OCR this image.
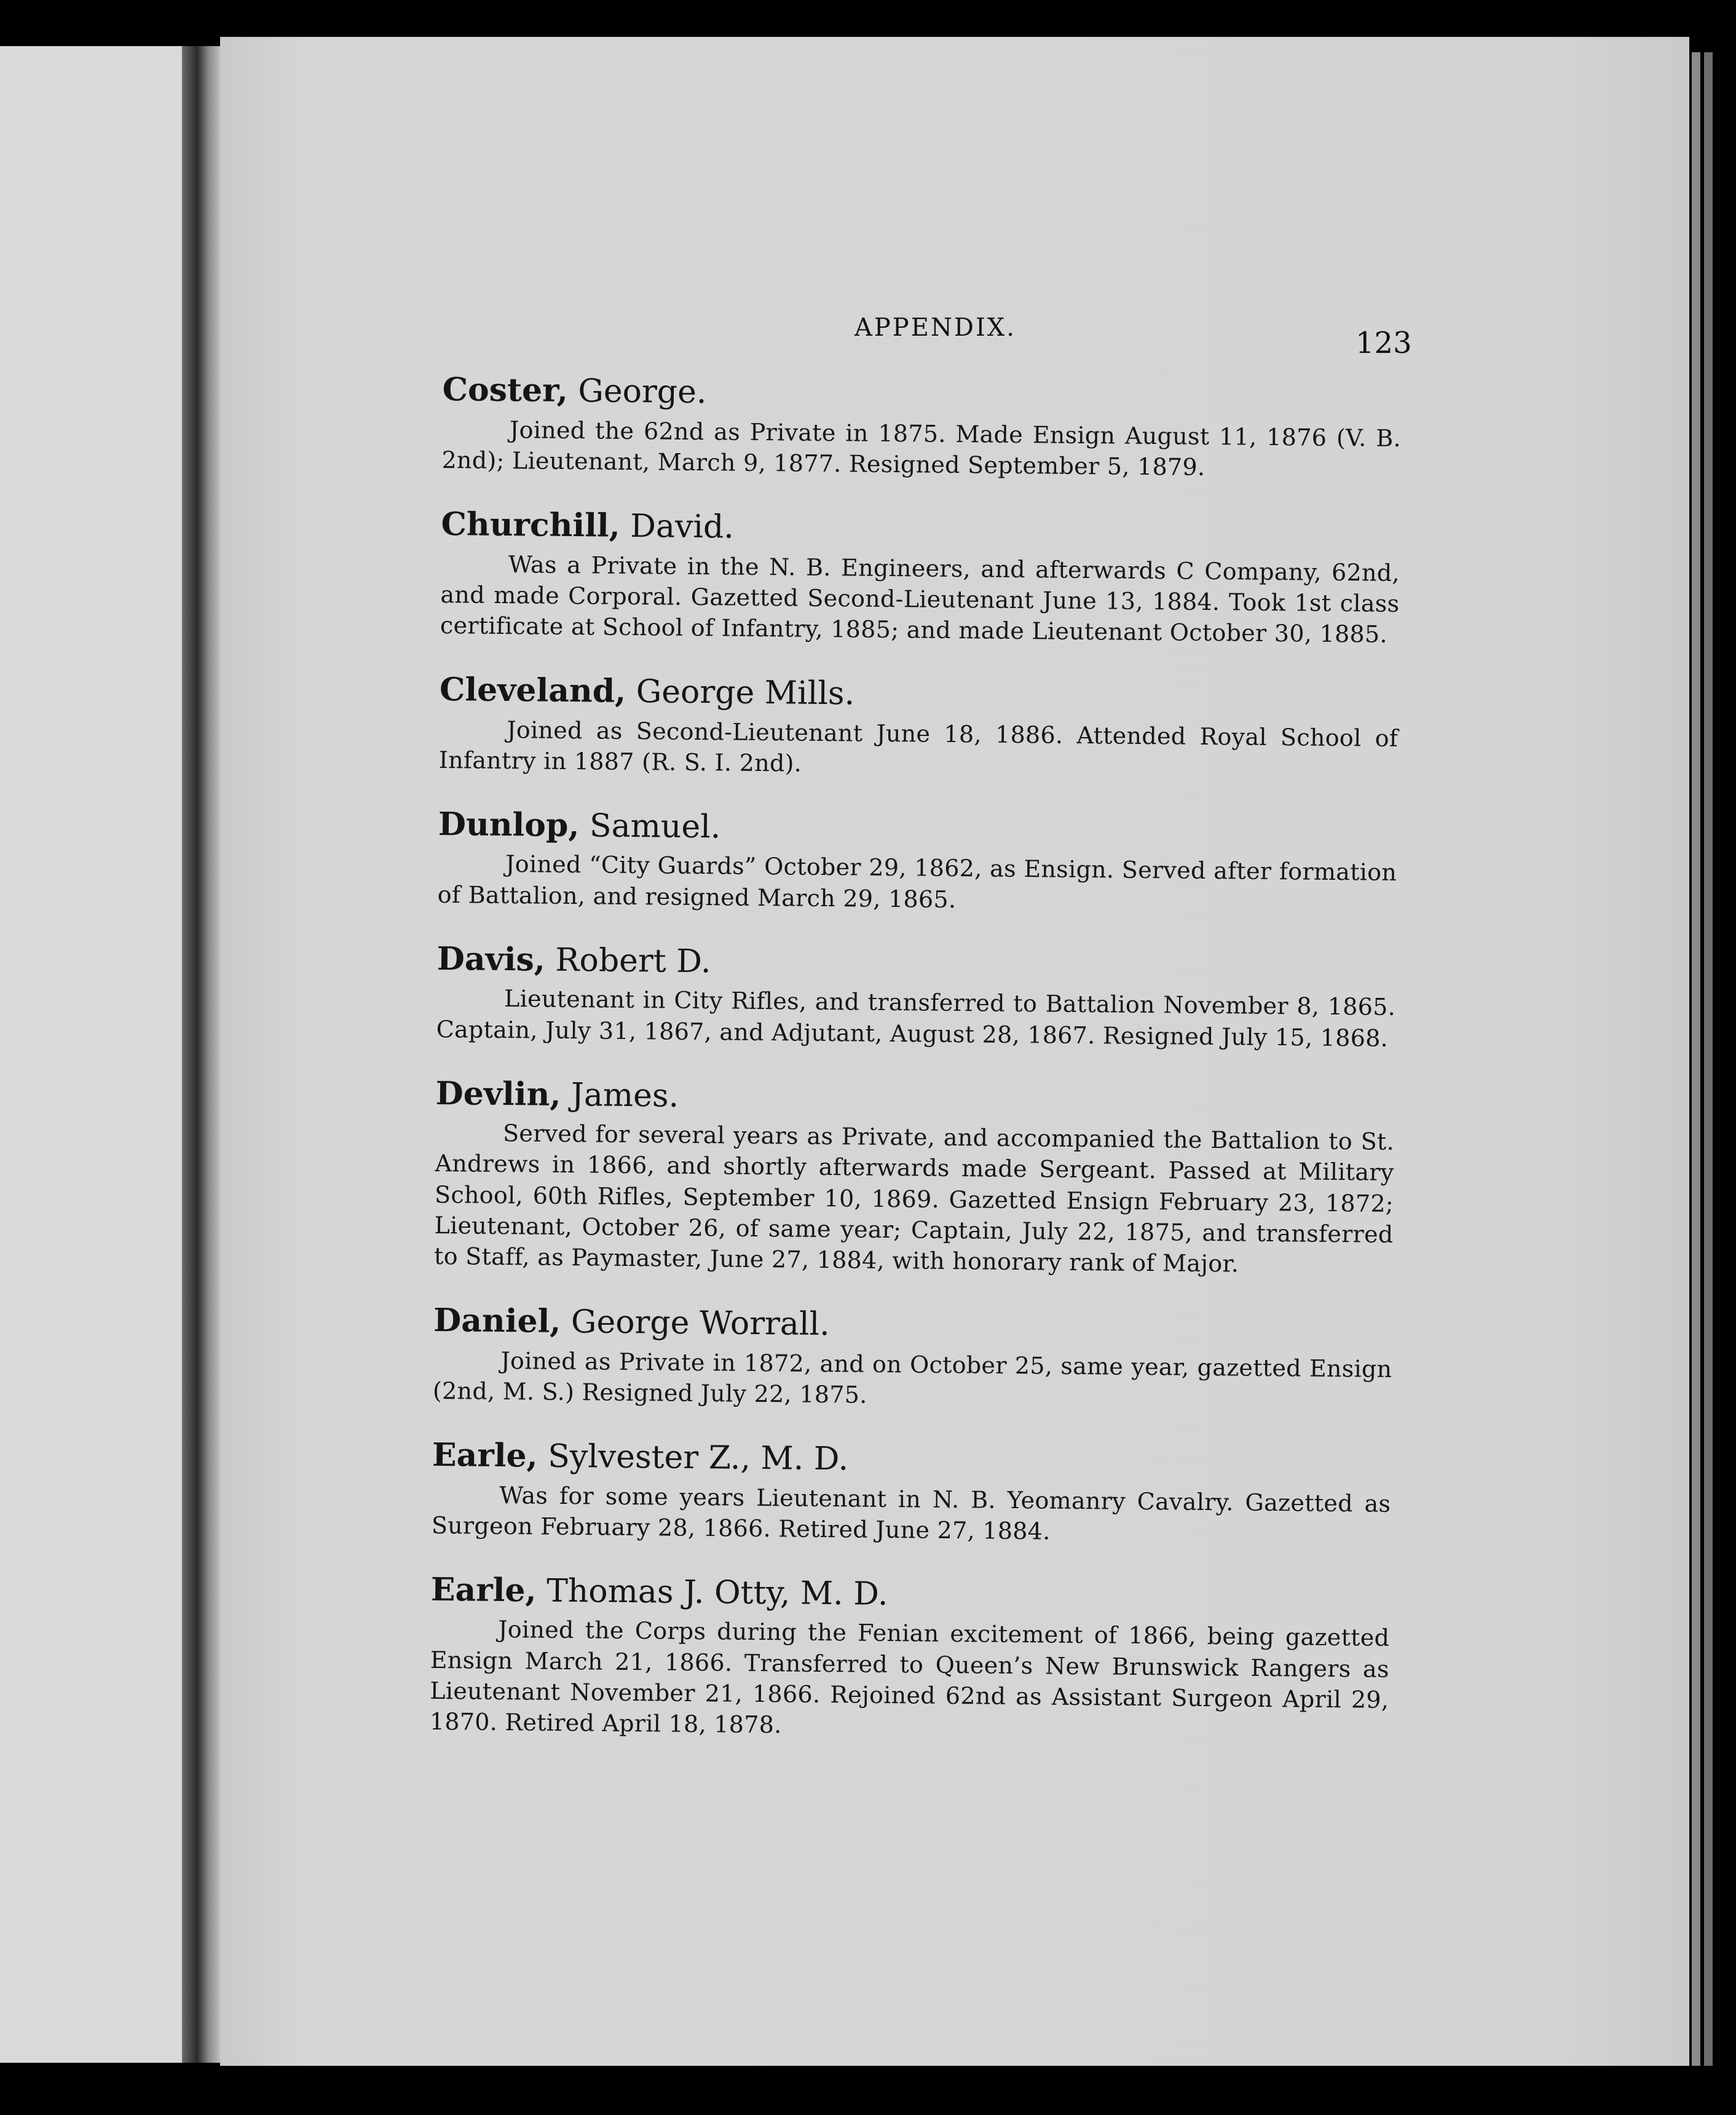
APPENDIX.	123

Coster, George.

Joined the 62nd as Private in 1875. Made Ensign August 11, 1876 (V. B. 2nd); Lieutenant, March 9, 1877. Resigned September 5, 1879.

Churchill, David.

Was a Private in the N. B. Engineers, and afterwards C Company, 62nd, and made Corporal. Gazetted Second-Lieutenant June 13, 1884. Took 1st class certificate at School of Infantry, 1885; and made Lieutenant October 30, 1885.

Cleveland, George Mills.

Joined as Second-Lieutenant June 18, 1886. Attended Royal School of Infantry in 1887 (R. S. I. 2nd).

Dunlop, Samuel.

Joined “City Guards” October 29, 1862, as Ensign. Served after formation of Battalion, and resigned March 29, 1865.

Davis, Robert D.

Lieutenant in City Rifles, and transferred to Battalion November 8, 1865. Captain, July 31, 1867, and Adjutant, August 28, 1867. Resigned July 15, 1868.

Devlin, James.

Served for several years as Private, and accompanied the Battalion to St. Andrews in 1866, and shortly afterwards made Sergeant. Passed at Military School, 60th Rifles, September 10, 1869. Gazetted Ensign February 23, 1872; Lieutenant, October 26, of same year; Captain, July 22, 1875, and transferred to Staff, as Paymaster, June 27, 1884, with honorary rank of Major.

Daniel, George Worrall.

Joined as Private in 1872, and on October 25, same year, gazetted Ensign (2nd, M. S.) Resigned July 22, 1875.

Earle, Sylvester Z., M. D.

Was for some years Lieutenant in N. B. Yeomanry Cavalry. Gazetted as Surgeon February 28, 1866. Retired June 27, 1884.

Earle, Thomas J. Otty, M. D.

Joined the Corps during the Fenian excitement of 1866, being gazetted Ensign March 21, 1866. Transferred to Queen’s New Brunswick Rangers as Lieutenant November 21, 1866. Rejoined 62nd as Assistant Surgeon April 29, 1870. Retired April 18, 1878.
